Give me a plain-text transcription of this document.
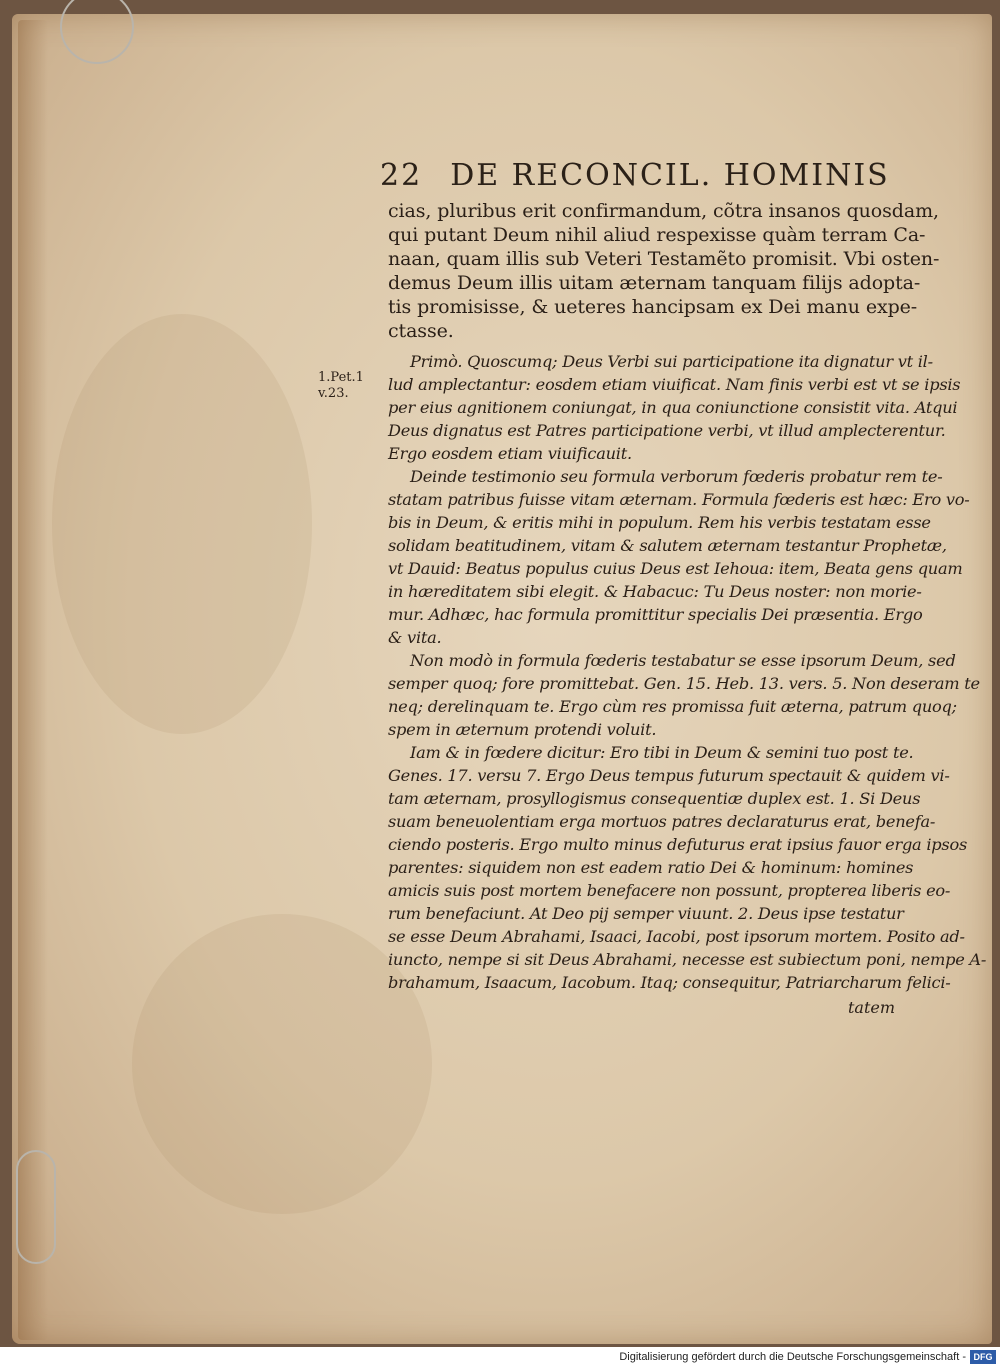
22 DE RECONCIL. HOMINIS
cias, pluribus erit confirmandum, cõtra insanos quosdam,
qui putant Deum nihil aliud respexisse quàm terram Ca-
naan, quam illis sub Veteri Testamẽto promisit. Vbi osten-
demus Deum illis uitam æternam tanquam filijs adopta-
tis promisisse, & ueteres hancipsam ex Dei manu expe-
ctasse.
1.Pet.1
v.23.
Primò. Quoscumq; Deus Verbi sui participatione ita dignatur vt il-
lud amplectantur: eosdem etiam viuificat. Nam finis verbi est vt se ipsis
per eius agnitionem coniungat, in qua coniunctione consistit vita. Atqui
Deus dignatus est Patres participatione verbi, vt illud amplecterentur.
Ergo eosdem etiam viuificauit.
Deinde testimonio seu formula verborum fœderis probatur rem te-
statam patribus fuisse vitam æternam. Formula fœderis est hæc: Ero vo-
bis in Deum, & eritis mihi in populum. Rem his verbis testatam esse
solidam beatitudinem, vitam & salutem æternam testantur Prophetæ,
vt Dauid: Beatus populus cuius Deus est Iehoua: item, Beata gens quam
in hæreditatem sibi elegit. & Habacuc: Tu Deus noster: non morie-
mur. Adhæc, hac formula promittitur specialis Dei præsentia. Ergo
& vita.
Non modò in formula fœderis testabatur se esse ipsorum Deum, sed
semper quoq; fore promittebat. Gen. 15. Heb. 13. vers. 5. Non deseram te
neq; derelinquam te. Ergo cùm res promissa fuit æterna, patrum quoq;
spem in æternum protendi voluit.
Iam & in fœdere dicitur: Ero tibi in Deum & semini tuo post te.
Genes. 17. versu 7. Ergo Deus tempus futurum spectauit & quidem vi-
tam æternam, prosyllogismus consequentiæ duplex est. 1. Si Deus
suam beneuolentiam erga mortuos patres declaraturus erat, benefa-
ciendo posteris. Ergo multo minus defuturus erat ipsius fauor erga ipsos
parentes: siquidem non est eadem ratio Dei & hominum: homines
amicis suis post mortem benefacere non possunt, propterea liberis eo-
rum benefaciunt. At Deo pij semper viuunt. 2. Deus ipse testatur
se esse Deum Abrahami, Isaaci, Iacobi, post ipsorum mortem. Posito ad-
iuncto, nempe si sit Deus Abrahami, necesse est subiectum poni, nempe A-
brahamum, Isaacum, Iacobum. Itaq; consequitur, Patriarcharum felici-
tatem
Digitalisierung gefördert durch die Deutsche Forschungsgemeinschaft - DFG
